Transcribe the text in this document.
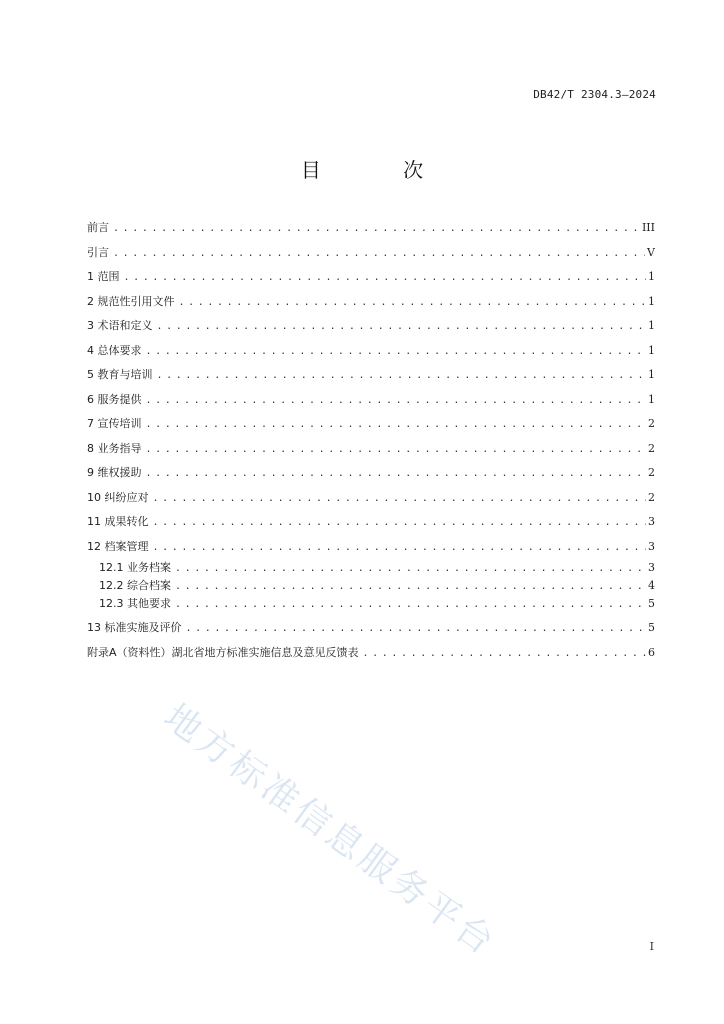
DB42/T 2304.3—2024
目 次
前言 .....	III
引言 .....	V
1 范围 .....	1
2 规范性引用文件 .....	1
3 术语和定义 .....	1
4 总体要求 .....	1
5 教育与培训 .....	1
6 服务提供 .....	1
7 宣传培训 .....	2
8 业务指导 .....	2
9 维权援助 .....	2
10 纠纷应对 .....	2
11 成果转化 .....	3
12 档案管理 .....	3
12.1 业务档案 .....	3
12.2 综合档案 .....	4
12.3 其他要求 .....	5
13 标准实施及评价 .....	5
附录A（资料性）湖北省地方标准实施信息及意见反馈表 .....	6
地方标准信息服务平台	I
